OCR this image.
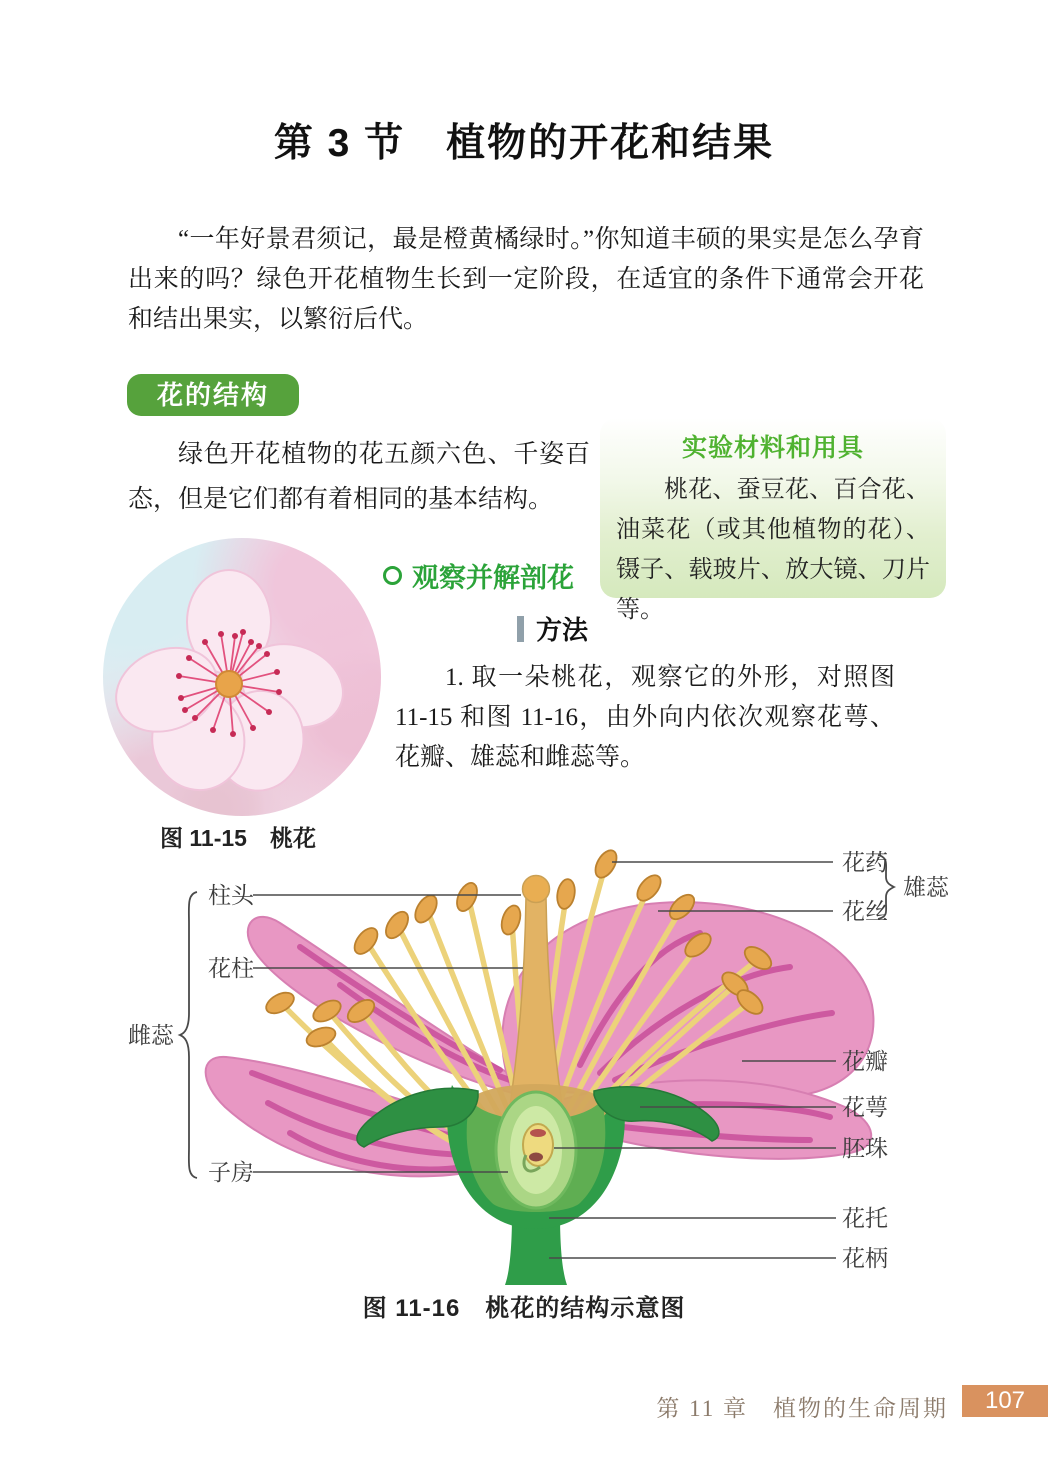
第 3 节　植物的开花和结果

“一年好景君须记，最是橙黄橘绿时。”你知道丰硕的果实是怎么孕育出来的吗？绿色开花植物生长到一定阶段，在适宜的条件下通常会开花和结出果实，以繁衍后代。

花的结构

绿色开花植物的花五颜六色、千姿百态，但是它们都有着相同的基本结构。

实验材料和用具

桃花、蚕豆花、百合花、油菜花（或其他植物的花）、镊子、载玻片、放大镜、刀片等。

图 11-15　桃花
观察并解剖花
方法

1. 取一朵桃花，观察它的外形，对照图 11-15 和图 11-16，由外向内依次观察花萼、花瓣、雄蕊和雌蕊等。

柱头
花柱
雌蕊
子房
花药
花丝
雄蕊
花瓣
花萼
胚珠
花托
花柄
图 11-16　桃花的结构示意图
第 11 章　植物的生命周期	107
